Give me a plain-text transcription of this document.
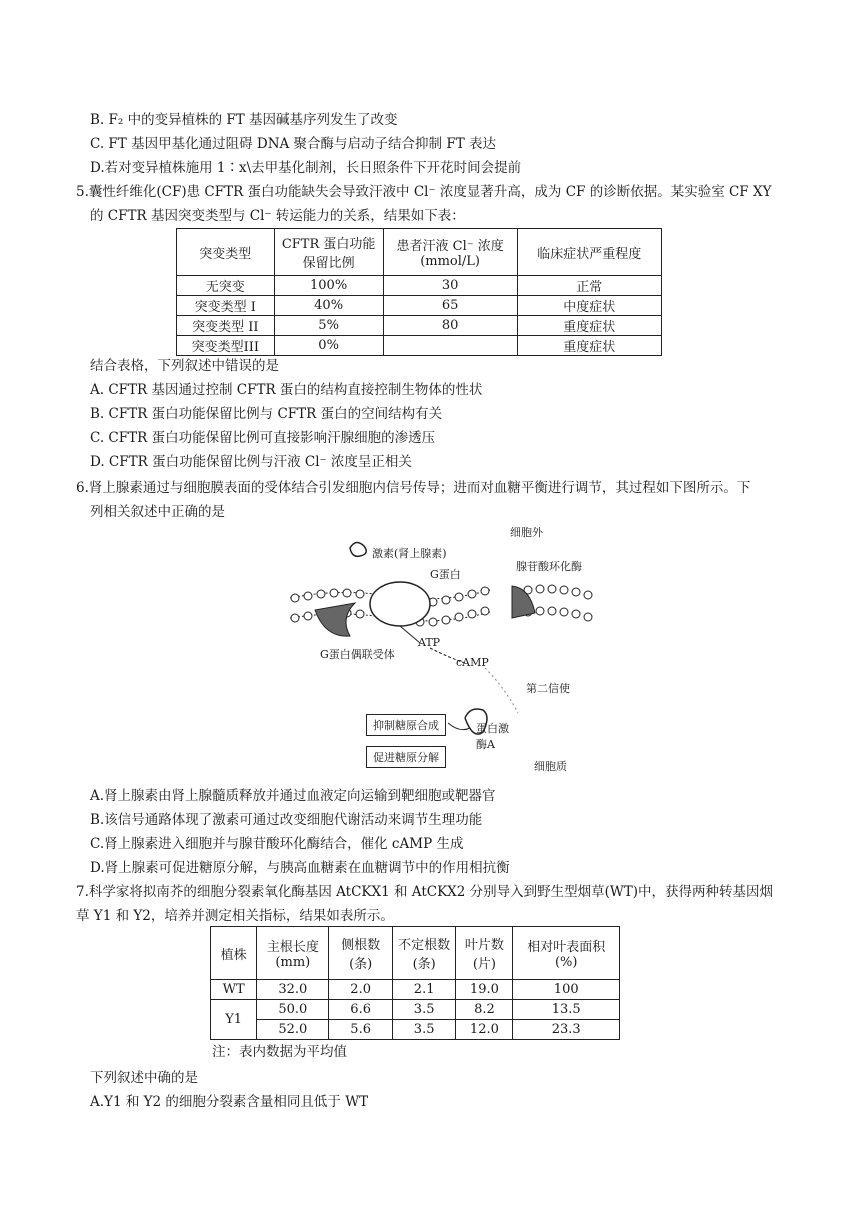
B. F₂ 中的变异植株的 FT 基因碱基序列发生了改变
C. FT 基因甲基化通过阻碍 DNA 聚合酶与启动子结合抑制 FT 表达
D.若对变异植株施用 1∶x\去甲基化制剂，长日照条件下开花时间会提前
5.囊性纤维化(CF)患 CFTR 蛋白功能缺失会导致汗液中 Cl⁻ 浓度显著升高，成为 CF 的诊断依据。某实验室 CF XY
的 CFTR 基因突变类型与 Cl⁻ 转运能力的关系，结果如下表：
突变类型	CFTR 蛋白功能保留比例	患者汗液 Cl⁻ 浓度(mmol/L)	临床症状严重程度
无突变	100%	30	正常
突变类型 I	40%	65	中度症状
突变类型 II	5%	80	重度症状
突变类型III	0%		重度症状
结合表格，下列叙述中错误的是
A. CFTR 基因通过控制 CFTR 蛋白的结构直接控制生物体的性状
B. CFTR 蛋白功能保留比例与 CFTR 蛋白的空间结构有关
C. CFTR 蛋白功能保留比例可直接影响汗腺细胞的渗透压
D. CFTR 蛋白功能保留比例与汗液 Cl⁻ 浓度呈正相关
6.肾上腺素通过与细胞膜表面的受体结合引发细胞内信号传导；进而对血糖平衡进行调节，其过程如下图所示。下
列相关叙述中正确的是
细胞外
激素(肾上腺素)
G蛋白
腺苷酸环化酶
G蛋白偶联受体
ATP
cAMP
第二信使
蛋白激酶A
抑制糖原合成
促进糖原分解
细胞质
A.肾上腺素由肾上腺髓质释放并通过血液定向运输到靶细胞或靶器官
B.该信号通路体现了激素可通过改变细胞代谢活动来调节生理功能
C.肾上腺素进入细胞并与腺苷酸环化酶结合，催化 cAMP 生成
D.肾上腺素可促进糖原分解，与胰高血糖素在血糖调节中的作用相抗衡
7.科学家将拟南芥的细胞分裂素氧化酶基因 AtCKX1 和 AtCKX2 分别导入到野生型烟草(WT)中，获得两种转基因烟
草 Y1 和 Y2，培养并测定相关指标，结果如表所示。
植株	主根长度(mm)	侧根数(条)	不定根数(条)	叶片数(片)	相对叶表面积(%)
WT	32.0	2.0	2.1	19.0	100
Y1	50.0	6.6	3.5	8.2	13.5
	52.0	5.6	3.5	12.0	23.3
注：表内数据为平均值
下列叙述中确的是
A.Y1 和 Y2 的细胞分裂素含量相同且低于 WT
